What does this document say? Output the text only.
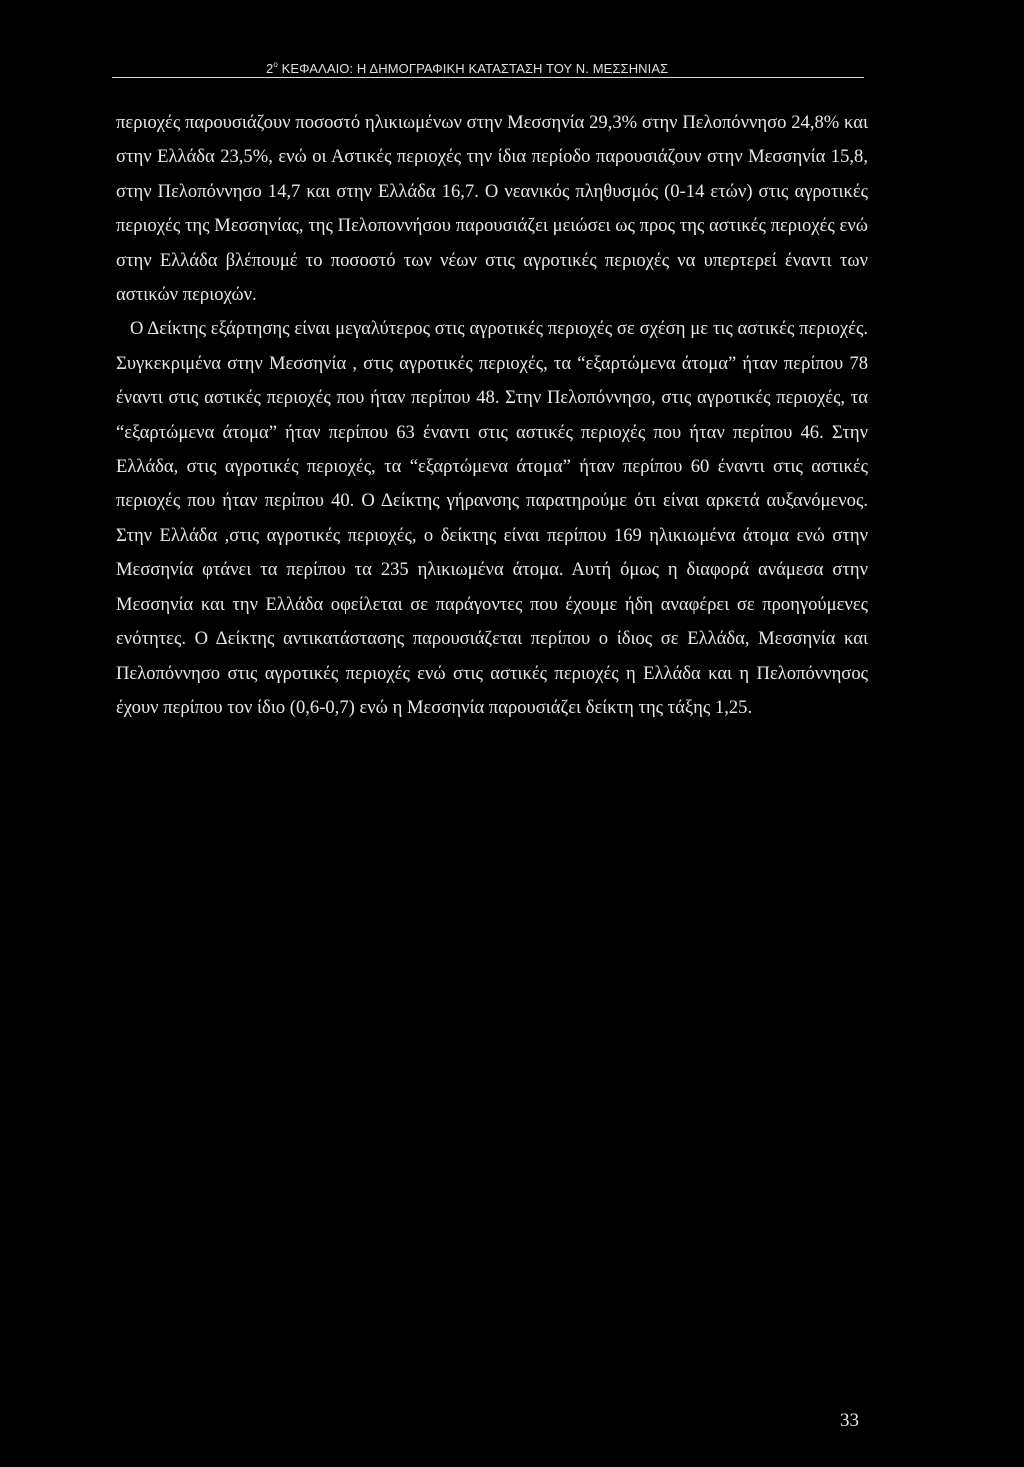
$2^o$ ΚΕΦΑΛΑΙΟ: Η ΔΗΜΟΓΡΑΦΙΚΗ ΚΑΤΑΣΤΑΣΗ ΤΟΥ Ν. ΜΕΣΣΗΝΙΑΣ

περιοχές παρουσιάζουν ποσοστό ηλικιωμένων στην Μεσσηνία 29,3% στην Πελοπόννησο 24,8% και στην Ελλάδα 23,5%, ενώ οι Αστικές περιοχές την ίδια περίοδο παρουσιάζουν στην Μεσσηνία 15,8, στην Πελοπόννησο 14,7 και στην Ελλάδα 16,7. Ο νεανικός πληθυσμός (0-14 ετών) στις αγροτικές περιοχές της Μεσσηνίας, της Πελοποννήσου παρουσιάζει μειώσει ως προς της αστικές περιοχές ενώ στην Ελλάδα βλέπουμέ το ποσοστό των νέων στις αγροτικές περιοχές να υπερτερεί έναντι των αστικών περιοχών.

Ο Δείκτης εξάρτησης είναι μεγαλύτερος στις αγροτικές περιοχές σε σχέση με τις αστικές περιοχές. Συγκεκριμένα στην Μεσσηνία , στις αγροτικές περιοχές, τα “εξαρτώμενα άτομα” ήταν περίπου 78 έναντι στις αστικές περιοχές που ήταν περίπου 48. Στην Πελοπόννησο, στις αγροτικές περιοχές, τα “εξαρτώμενα άτομα” ήταν περίπου 63 έναντι στις αστικές περιοχές που ήταν περίπου 46. Στην Ελλάδα, στις αγροτικές περιοχές, τα “εξαρτώμενα άτομα” ήταν περίπου 60 έναντι στις αστικές περιοχές που ήταν περίπου 40. Ο Δείκτης γήρανσης παρατηρούμε ότι είναι αρκετά αυξανόμενος. Στην Ελλάδα ,στις αγροτικές περιοχές, ο δείκτης είναι περίπου 169 ηλικιωμένα άτομα ενώ στην Μεσσηνία φτάνει τα περίπου τα 235 ηλικιωμένα άτομα. Αυτή όμως η διαφορά ανάμεσα στην Μεσσηνία και την Ελλάδα οφείλεται σε παράγοντες που έχουμε ήδη αναφέρει σε προηγούμενες ενότητες. Ο Δείκτης αντικατάστασης παρουσιάζεται περίπου ο ίδιος σε Ελλάδα, Μεσσηνία και Πελοπόννησο στις αγροτικές περιοχές ενώ στις αστικές περιοχές η Ελλάδα και η Πελοπόννησος έχουν περίπου τον ίδιο (0,6-0,7) ενώ η Μεσσηνία παρουσιάζει δείκτη της τάξης 1,25.

33
